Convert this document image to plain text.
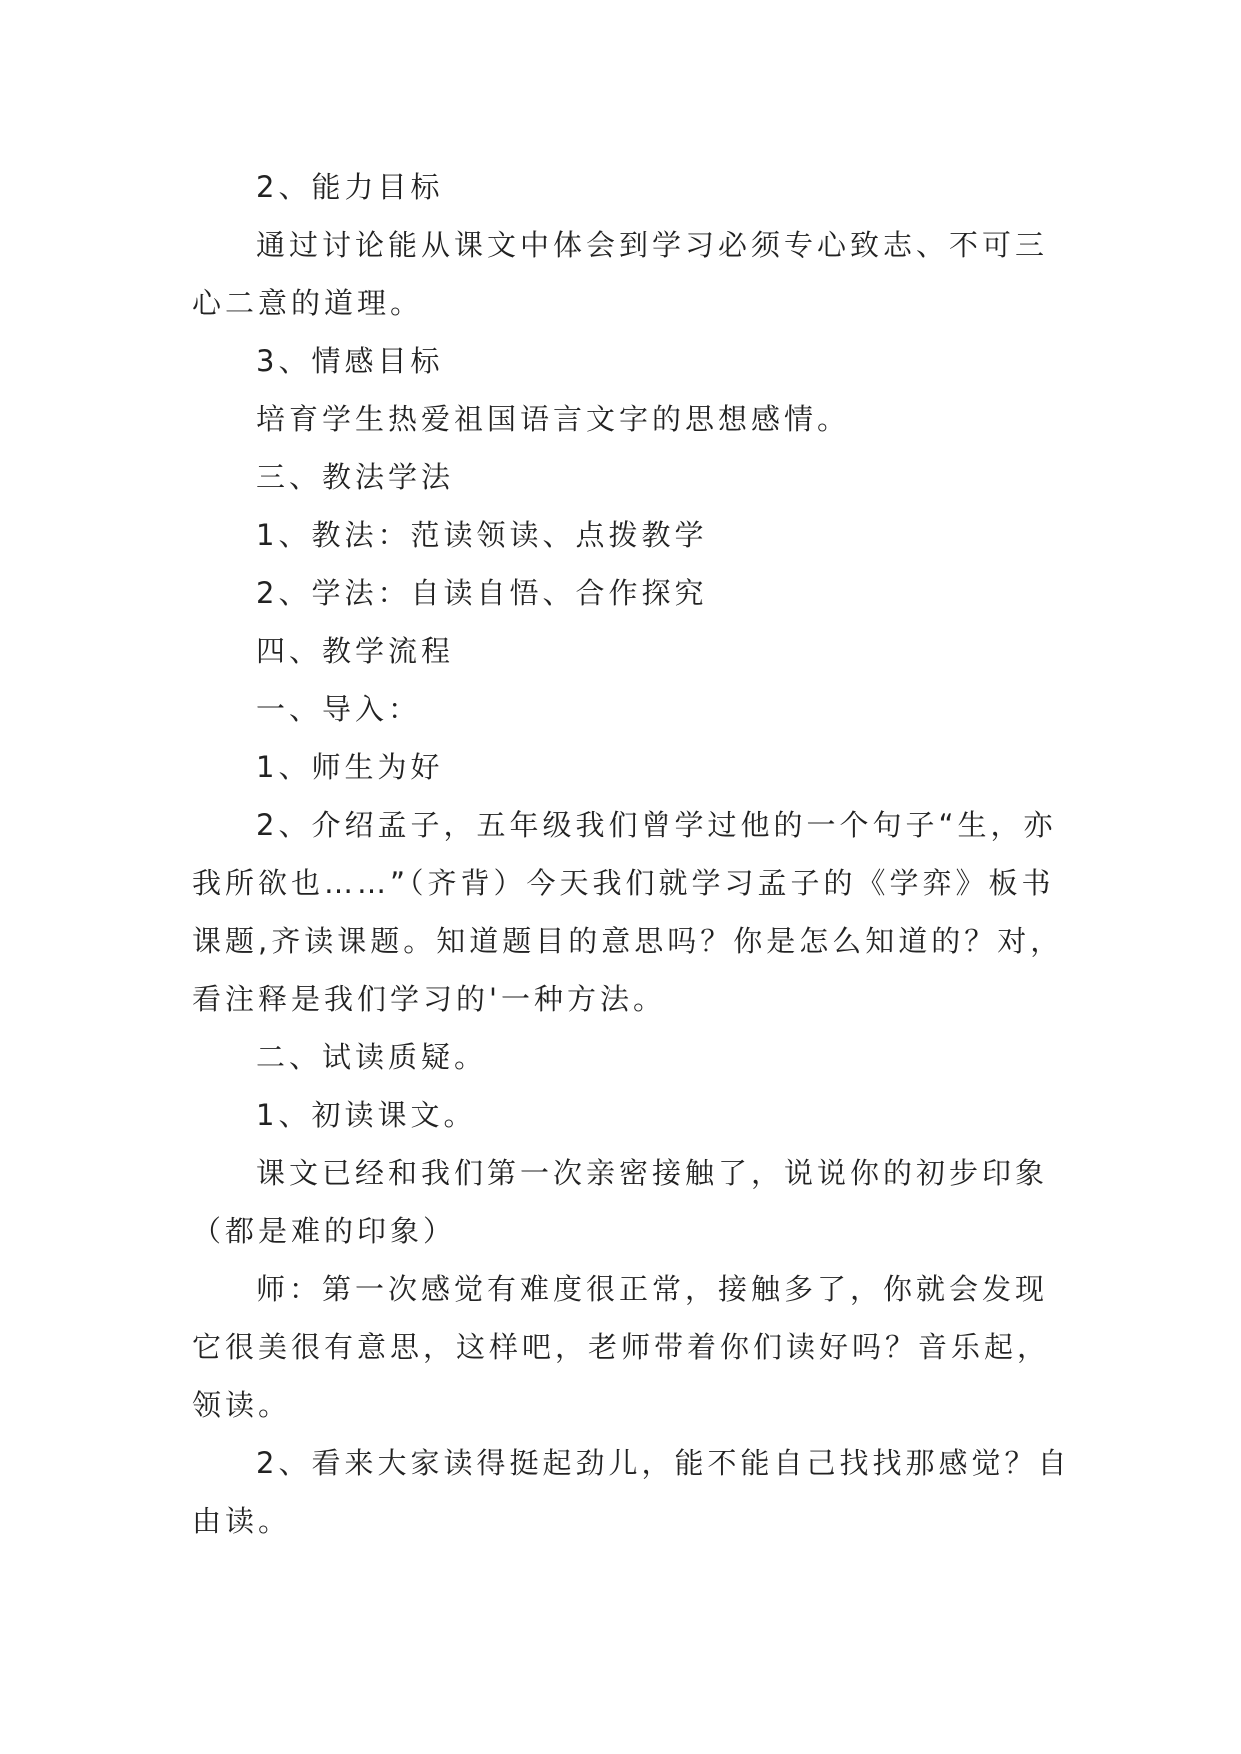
2、能力目标

通过讨论能从课文中体会到学习必须专心致志、不可三心二意的道理。

3、情感目标

培育学生热爱祖国语言文字的思想感情。

三、教法学法

1、教法：范读领读、点拨教学

2、学法：自读自悟、合作探究

四、教学流程

一、导入：

1、师生为好

2、介绍孟子，五年级我们曾学过他的一个句子“生，亦我所欲也……”（齐背）今天我们就学习孟子的《学弈》板书课题,齐读课题。知道题目的意思吗？你是怎么知道的？对，看注释是我们学习的'一种方法。

二、试读质疑。

1、初读课文。

课文已经和我们第一次亲密接触了，说说你的初步印象（都是难的印象）

师：第一次感觉有难度很正常，接触多了，你就会发现它很美很有意思，这样吧，老师带着你们读好吗？音乐起，领读。

2、看来大家读得挺起劲儿，能不能自己找找那感觉？自由读。
